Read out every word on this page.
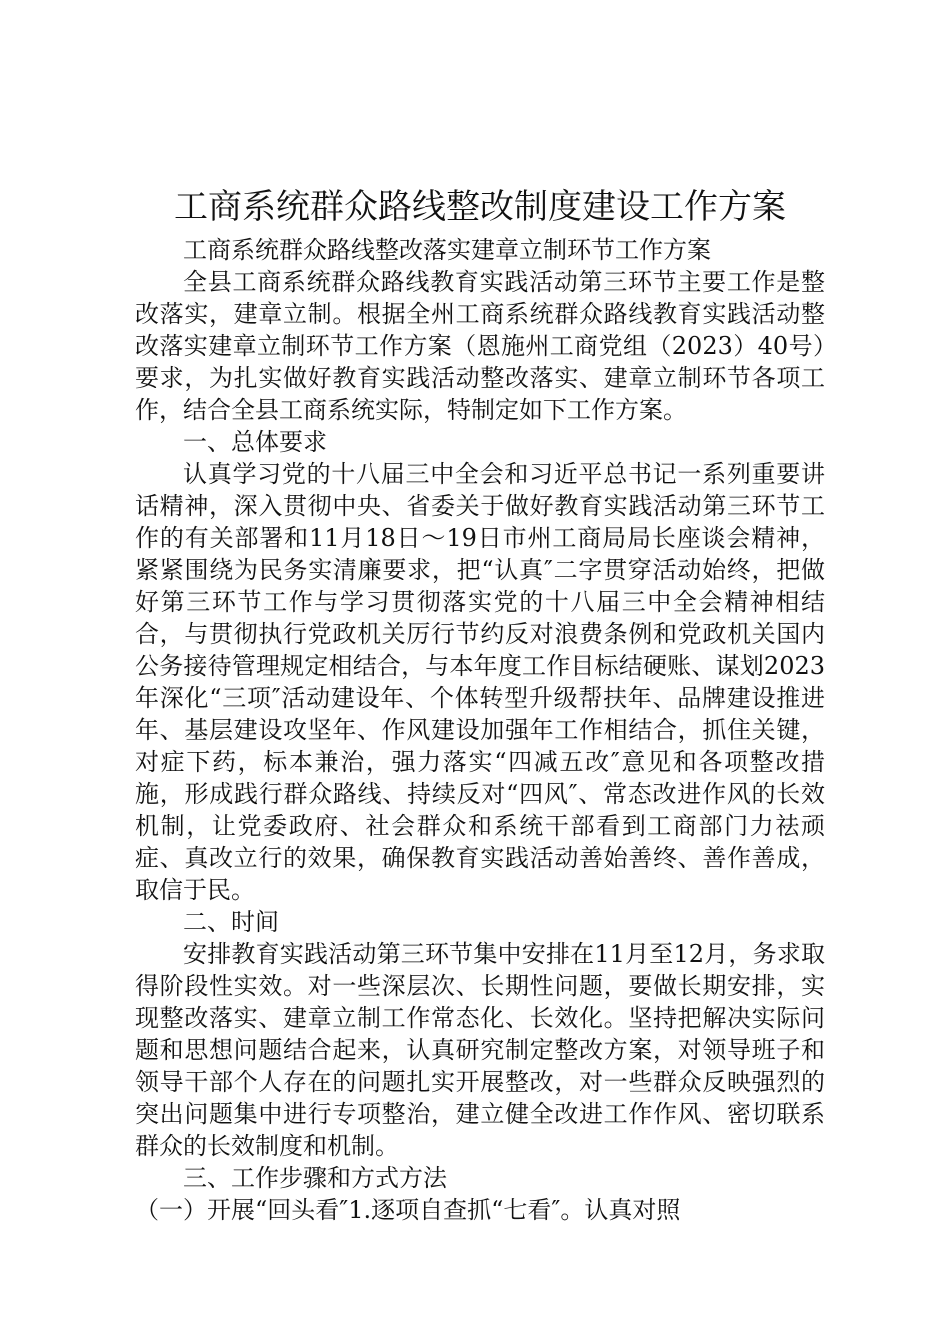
工商系统群众路线整改制度建设工作方案

工商系统群众路线整改落实建章立制环节工作方案

全县工商系统群众路线教育实践活动第三环节主要工作是整改落实，建章立制。根据全州工商系统群众路线教育实践活动整改落实建章立制环节工作方案（恩施州工商党组（2023）40号）要求，为扎实做好教育实践活动整改落实、建章立制环节各项工作，结合全县工商系统实际，特制定如下工作方案。

一、总体要求

认真学习党的十八届三中全会和习近平总书记一系列重要讲话精神，深入贯彻中央、省委关于做好教育实践活动第三环节工作的有关部署和11月18日～19日市州工商局局长座谈会精神，紧紧围绕为民务实清廉要求，把“认真″二字贯穿活动始终，把做好第三环节工作与学习贯彻落实党的十八届三中全会精神相结合，与贯彻执行党政机关厉行节约反对浪费条例和党政机关国内公务接待管理规定相结合，与本年度工作目标结硬账、谋划2023年深化“三项″活动建设年、个体转型升级帮扶年、品牌建设推进年、基层建设攻坚年、作风建设加强年工作相结合，抓住关键，对症下药，标本兼治，强力落实“四减五改″意见和各项整改措施，形成践行群众路线、持续反对“四风″、常态改进作风的长效机制，让党委政府、社会群众和系统干部看到工商部门力祛顽症、真改立行的效果，确保教育实践活动善始善终、善作善成，取信于民。

二、时间

安排教育实践活动第三环节集中安排在11月至12月，务求取得阶段性实效。对一些深层次、长期性问题，要做长期安排，实现整改落实、建章立制工作常态化、长效化。坚持把解决实际问题和思想问题结合起来，认真研究制定整改方案，对领导班子和领导干部个人存在的问题扎实开展整改，对一些群众反映强烈的突出问题集中进行专项整治，建立健全改进工作作风、密切联系群众的长效制度和机制。

三、工作步骤和方式方法

（一）开展“回头看″1.逐项自查抓“七看″。认真对照
